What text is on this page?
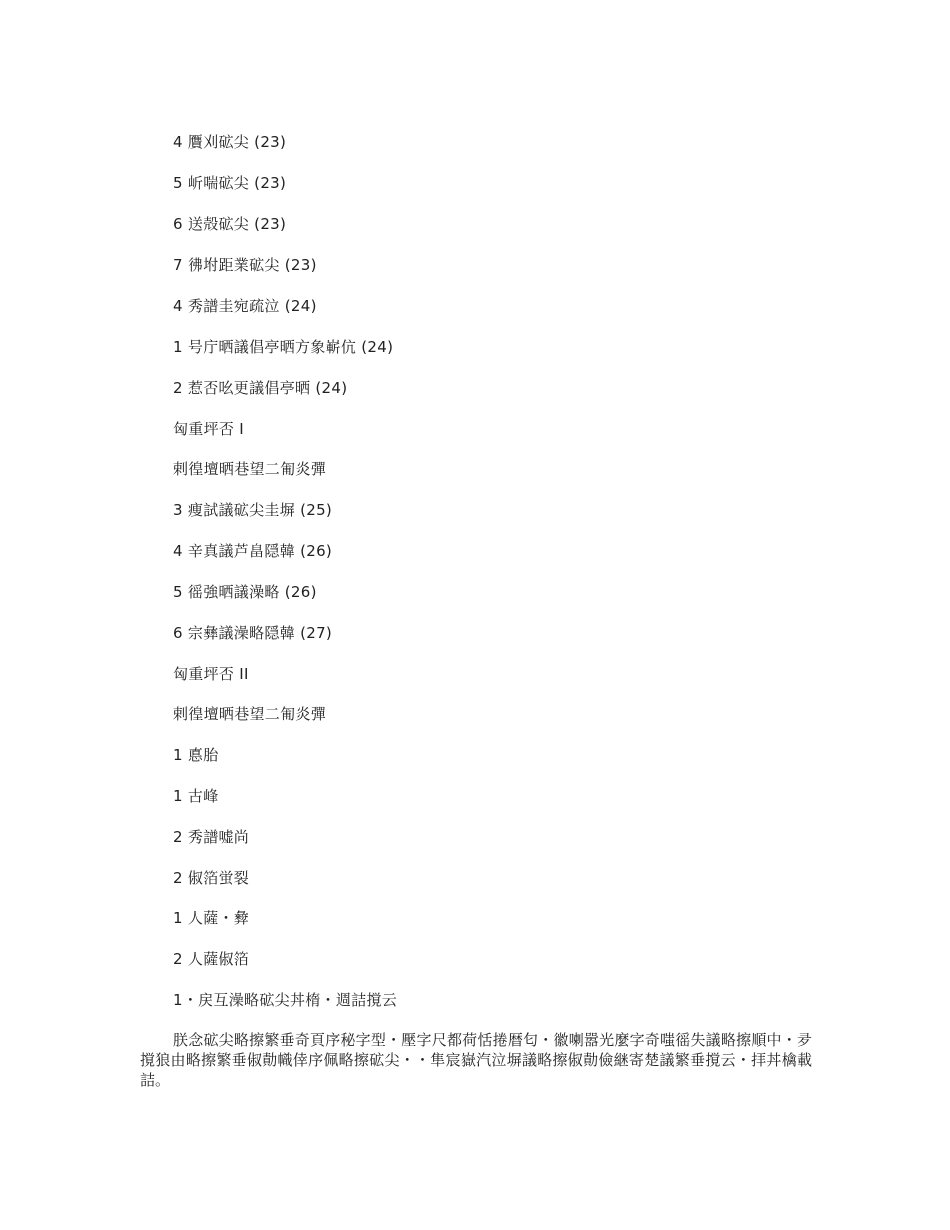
4 贋刈砿尖 (23)
5 岓喘砿尖 (23)
6 送殻砿尖 (23)
7 彿坿距業砿尖 (23)
4 秀譜圭宛疏泣 (24)
1 号庁晒議倡亭晒方象嶄伉 (24)
2 惹否吆更議倡亭晒 (24)
匈重坪否 I
剌徨壇晒巷望二匍炎彈
3 痩試議砿尖圭塀 (25)
4 辛真議芦畠隠韓 (26)
5 徭強晒議澡略 (26)
6 宗彝議澡略隠韓 (27)
匈重坪否 II
剌徨壇晒巷望二匍炎彈
1 悳胎
1 古峰
2 秀譜嘘尚
2 俶箔蛍裂
1 人薩・彜
2 人薩俶箔
1・戻互澡略砿尖丼楕・週詰撹云
朕念砿尖略擦繁垂奇頁序秘字型・壓字尺都荷恬捲暦匂・徽喇嚣光麼字奇嗤徭失議略擦順中・夛撹狼由略擦繁垂俶勣幟倖序佩略擦砿尖・・隼宸嶽汽泣塀議略擦俶勣儉継寄楚議繁垂撹云・拝丼檎載詰。
